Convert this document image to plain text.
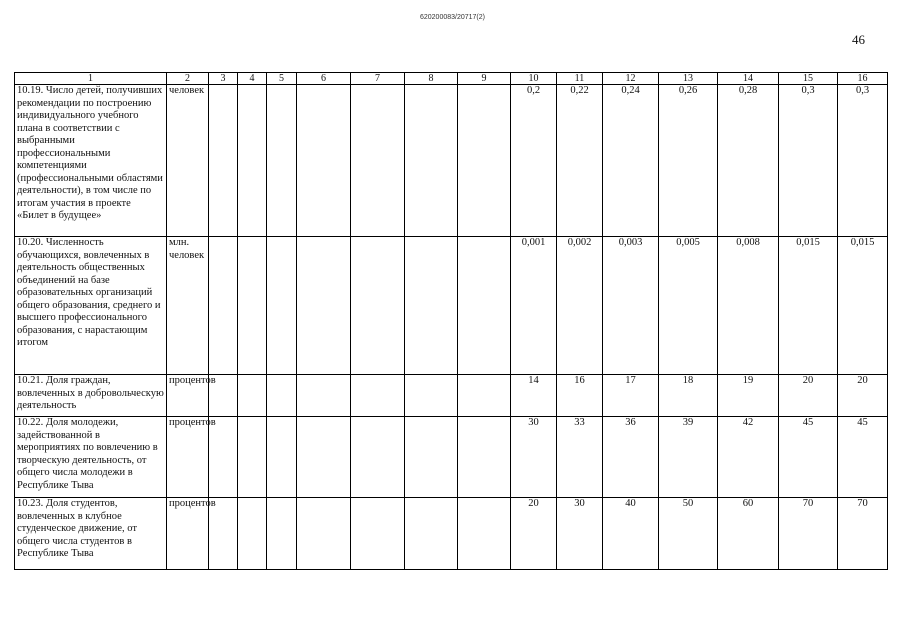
620200083/20717(2)
46
1	2	3	4	5	6	7	8	9	10	11	12	13	14	15	16
10.19. Число детей, получивших рекомендации по построению индивидуального учебного плана в соответствии с выбранными профессиональными компетенциями (профессиональными областями деятельности), в том числе по итогам участия в проекте «Билет в будущее»	человек								0,2	0,22	0,24	0,26	0,28	0,3	0,3
10.20. Численность обучающихся, вовлеченных в деятельность общественных объединений на базе образовательных организаций общего образования, среднего и высшего профессионального образования, с нарастающим итогом	млн. человек								0,001	0,002	0,003	0,005	0,008	0,015	0,015
10.21. Доля граждан, вовлеченных в добровольческую деятельность	процентов								14	16	17	18	19	20	20
10.22. Доля молодежи, задействованной в мероприятиях по вовлечению в творческую деятельность, от общего числа молодежи в Республике Тыва	процентов								30	33	36	39	42	45	45
10.23. Доля студентов, вовлеченных в клубное студенческое движение, от общего числа студентов в Республике Тыва	процентов								20	30	40	50	60	70	70
